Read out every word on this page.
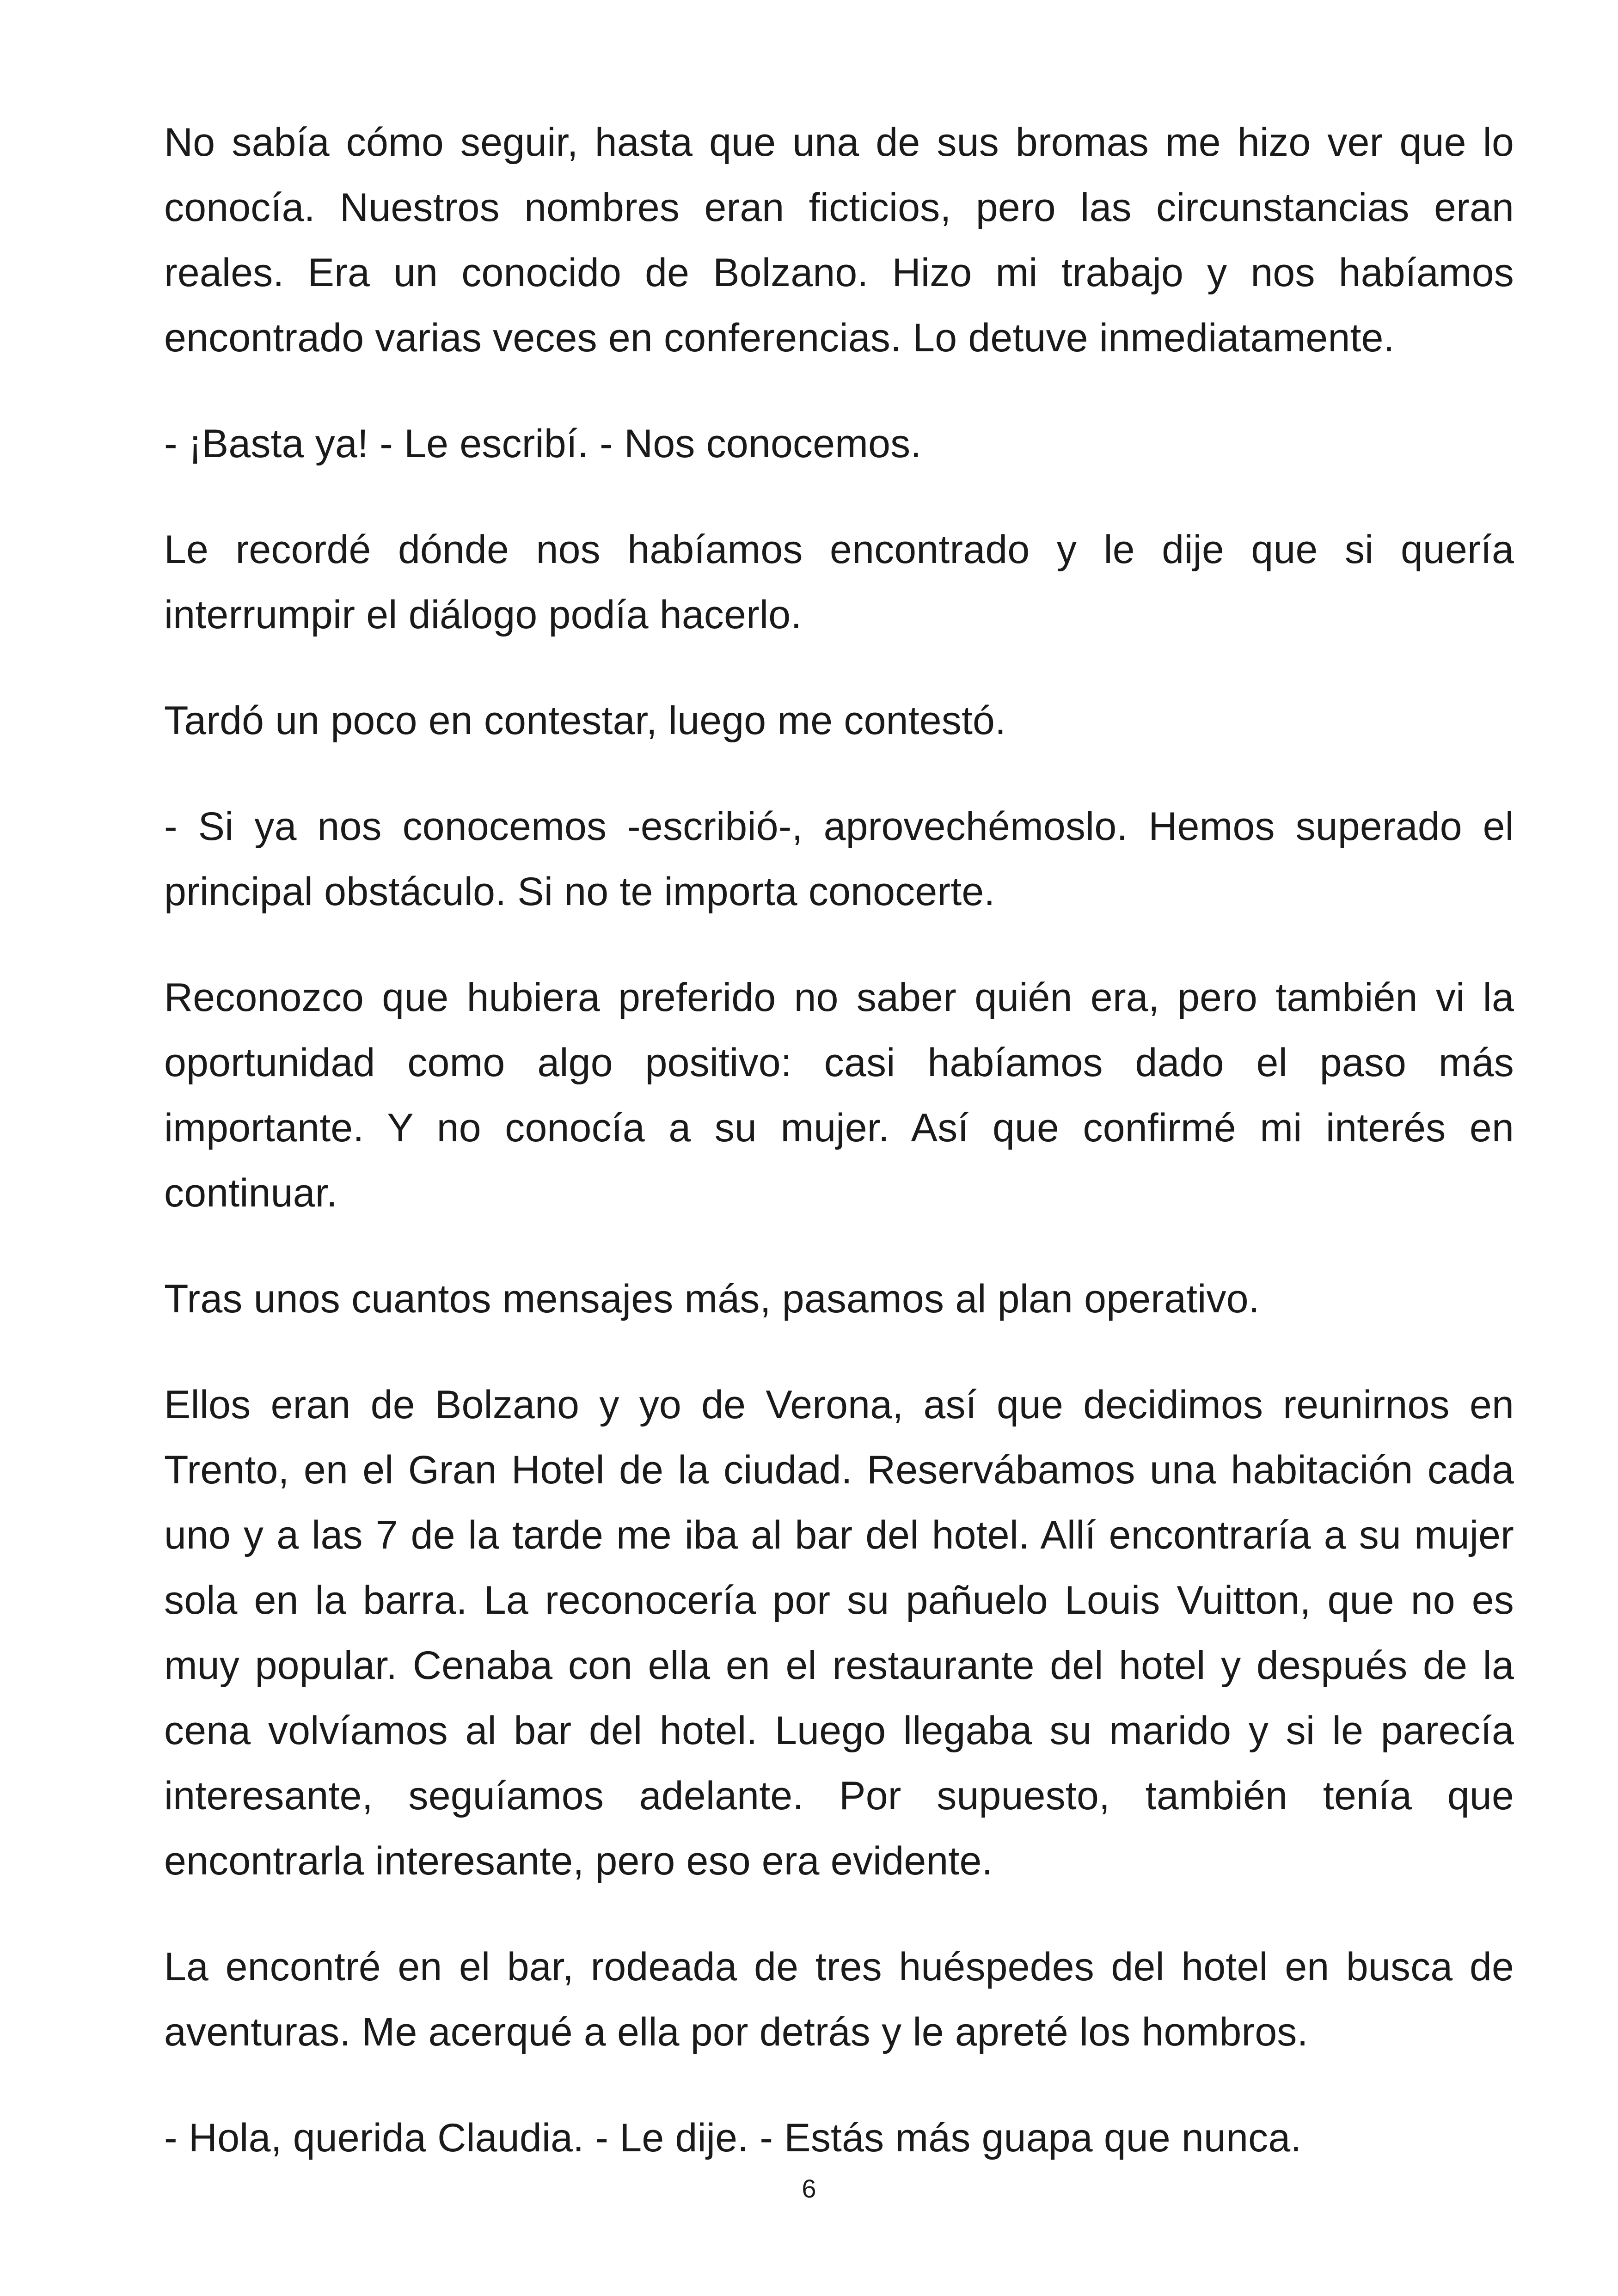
No sabía cómo seguir, hasta que una de sus bromas me hizo ver que lo conocía. Nuestros nombres eran ficticios, pero las circunstancias eran reales. Era un conocido de Bolzano. Hizo mi trabajo y nos habíamos encontrado varias veces en conferencias. Lo detuve inmediatamente.

- ¡Basta ya! - Le escribí. - Nos conocemos.

Le recordé dónde nos habíamos encontrado y le dije que si quería interrumpir el diálogo podía hacerlo.

Tardó un poco en contestar, luego me contestó.

- Si ya nos conocemos -escribió-, aprovechémoslo. Hemos superado el principal obstáculo. Si no te importa conocerte.

Reconozco que hubiera preferido no saber quién era, pero también vi la oportunidad como algo positivo: casi habíamos dado el paso más importante. Y no conocía a su mujer. Así que confirmé mi interés en continuar.

Tras unos cuantos mensajes más, pasamos al plan operativo.

Ellos eran de Bolzano y yo de Verona, así que decidimos reunirnos en Trento, en el Gran Hotel de la ciudad. Reservábamos una habitación cada uno y a las 7 de la tarde me iba al bar del hotel. Allí encontraría a su mujer sola en la barra. La reconocería por su pañuelo Louis Vuitton, que no es muy popular. Cenaba con ella en el restaurante del hotel y después de la cena volvíamos al bar del hotel. Luego llegaba su marido y si le parecía interesante, seguíamos adelante. Por supuesto, también tenía que encontrarla interesante, pero eso era evidente.

La encontré en el bar, rodeada de tres huéspedes del hotel en busca de aventuras. Me acerqué a ella por detrás y le apreté los hombros.

- Hola, querida Claudia. - Le dije. - Estás más guapa que nunca.

6
